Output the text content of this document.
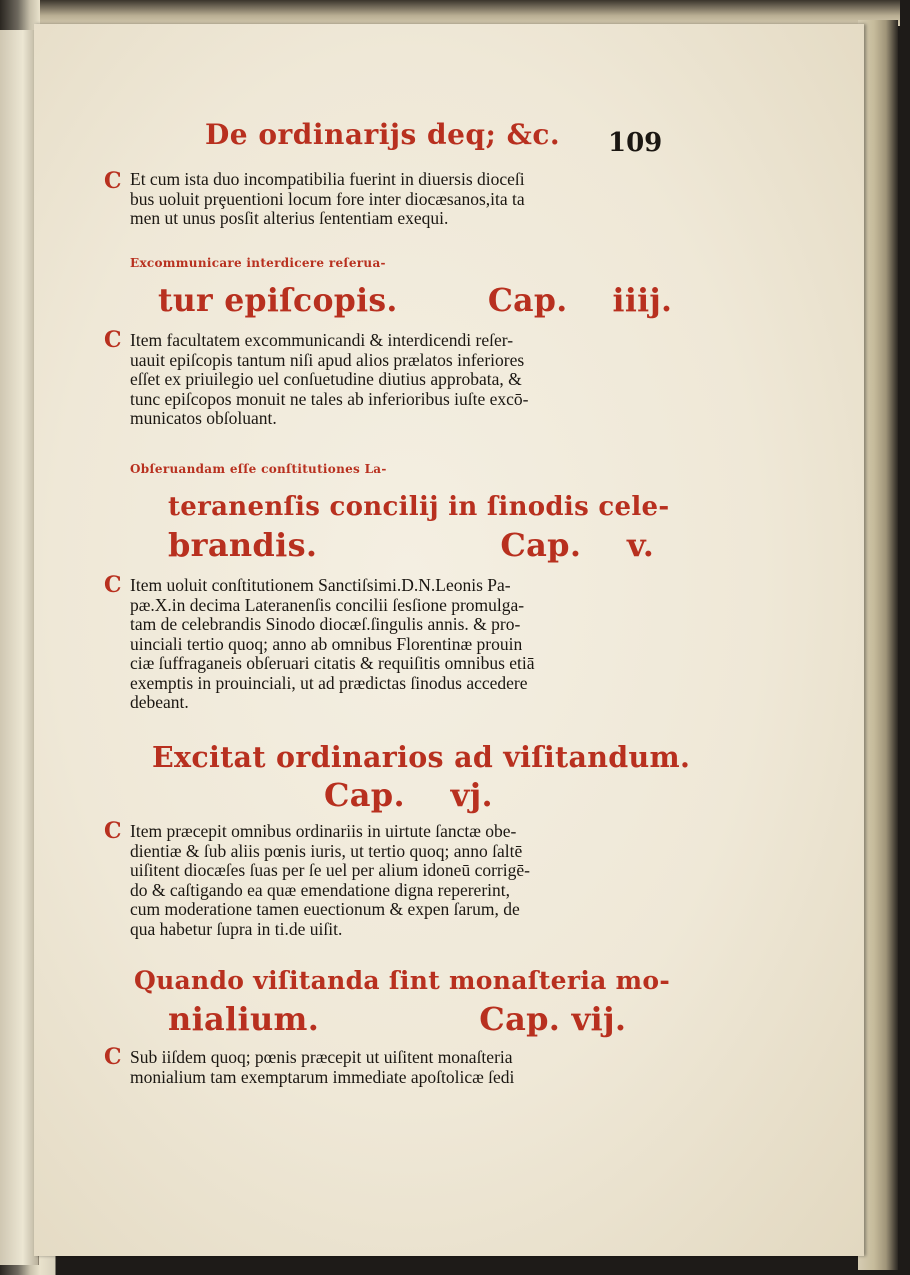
De ordinarijs deq; &c. 109
C Et cum ista duo incompatibilia fuerint in diuersis dioceſi
bus uoluit prȩuentioni locum fore inter diocæsanos,ita ta
men ut unus posſit alterius ſententiam exequi.
Excommunicare interdicere reſerua-
tur epiſcopis.        Cap.    iiij.
C Item facultatem excommunicandi & interdicendi reſer-
uauit epiſcopis tantum niſi apud alios prælatos inferiores
eſſet ex priuilegio uel conſuetudine diutius approbata, &
tunc epiſcopos monuit ne tales ab inferioribus iuſte excō-
municatos obſoluant.
Obſeruandam eſſe conſtitutiones La-
teranenſis concilij in ſinodis cele-
brandis.                Cap.    v.
C Item uoluit conſtitutionem Sanctiſsimi.D.N.Leonis Pa-
pæ.X.in decima Lateranenſis concilii ſesſione promulga-
tam de celebrandis Sinodo diocæſ.ſingulis annis. & pro-
uinciali tertio quoq; anno ab omnibus Florentinæ prouin
ciæ ſuffraganeis obſeruari citatis & requiſitis omnibus etiā
exemptis in prouinciali, ut ad prædictas ſinodus accedere
debeant.
Excitat ordinarios ad viſitandum.
Cap.    vj.
C Item præcepit omnibus ordinariis in uirtute ſanctæ obe-
dientiæ & ſub aliis pœnis iuris, ut tertio quoq; anno ſaltē
uiſitent diocæſes ſuas per ſe uel per alium idoneū corrigē-
do & caſtigando ea quæ emendatione digna repererint,
cum moderatione tamen euectionum & expen ſarum, de
qua habetur ſupra in ti.de uiſit.
Quando viſitanda ſint monaſteria mo-
nialium.              Cap. vij.
C Sub iiſdem quoq; pœnis præcepit ut uiſitent monaſteria
monialium tam exemptarum immediate apoſtolicæ ſedi
